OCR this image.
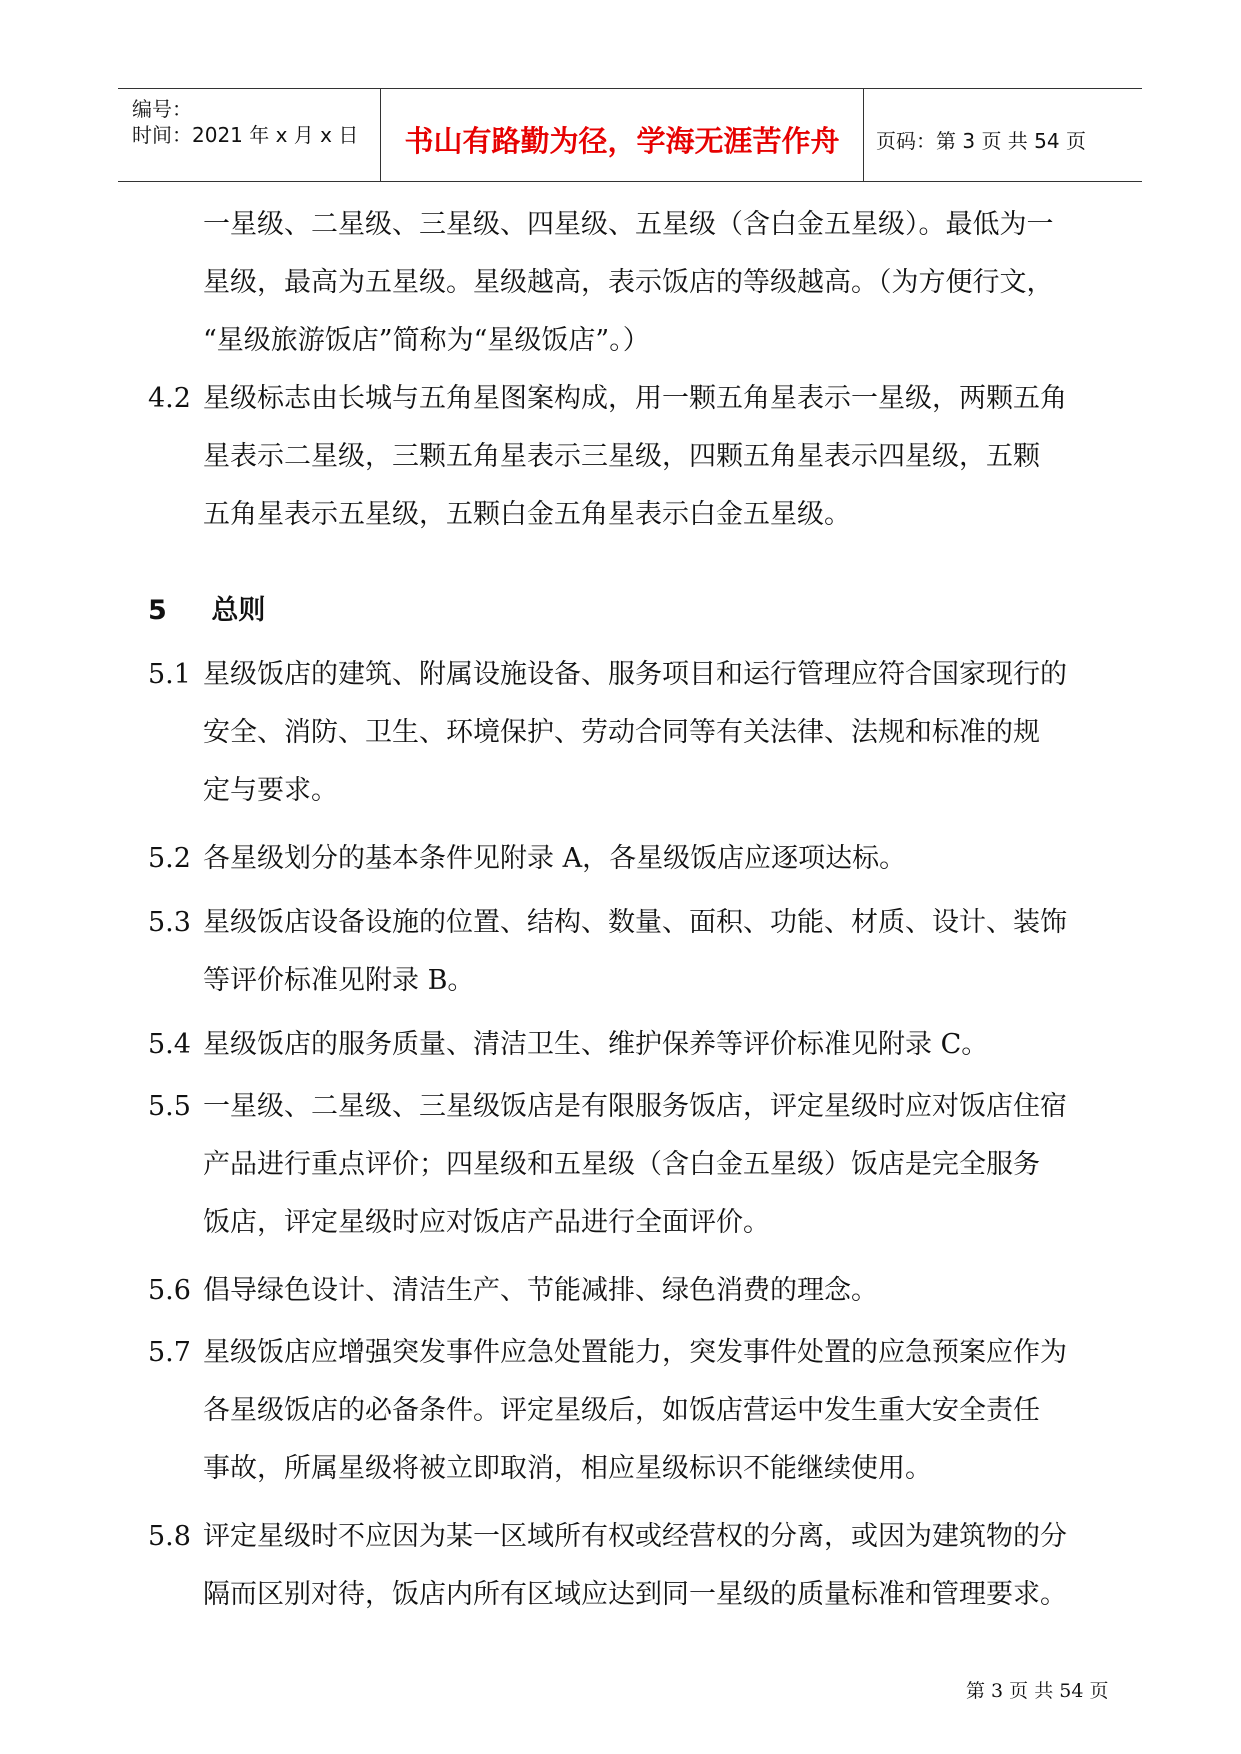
编号：
时间：2021 年 x 月 x 日	书山有路勤为径，学海无涯苦作舟	页码：第 3 页 共 54 页
一星级、二星级、三星级、四星级、五星级（含白金五星级）。最低为一
星级，最高为五星级。星级越高，表示饭店的等级越高。（为方便行文，
“星级旅游饭店”简称为“星级饭店”。）
4.2 星级标志由长城与五角星图案构成，用一颗五角星表示一星级，两颗五角
星表示二星级，三颗五角星表示三星级，四颗五角星表示四星级，五颗
五角星表示五星级，五颗白金五角星表示白金五星级。
5 总则
5.1 星级饭店的建筑、附属设施设备、服务项目和运行管理应符合国家现行的
安全、消防、卫生、环境保护、劳动合同等有关法律、法规和标准的规
定与要求。
5.2 各星级划分的基本条件见附录 A，各星级饭店应逐项达标。
5.3 星级饭店设备设施的位置、结构、数量、面积、功能、材质、设计、装饰
等评价标准见附录 B。
5.4 星级饭店的服务质量、清洁卫生、维护保养等评价标准见附录 C。
5.5 一星级、二星级、三星级饭店是有限服务饭店，评定星级时应对饭店住宿
产品进行重点评价；四星级和五星级（含白金五星级）饭店是完全服务
饭店，评定星级时应对饭店产品进行全面评价。
5.6 倡导绿色设计、清洁生产、节能减排、绿色消费的理念。
5.7 星级饭店应增强突发事件应急处置能力，突发事件处置的应急预案应作为
各星级饭店的必备条件。评定星级后，如饭店营运中发生重大安全责任
事故，所属星级将被立即取消，相应星级标识不能继续使用。
5.8 评定星级时不应因为某一区域所有权或经营权的分离，或因为建筑物的分
隔而区别对待，饭店内所有区域应达到同一星级的质量标准和管理要求。
第 3 页 共 54 页
